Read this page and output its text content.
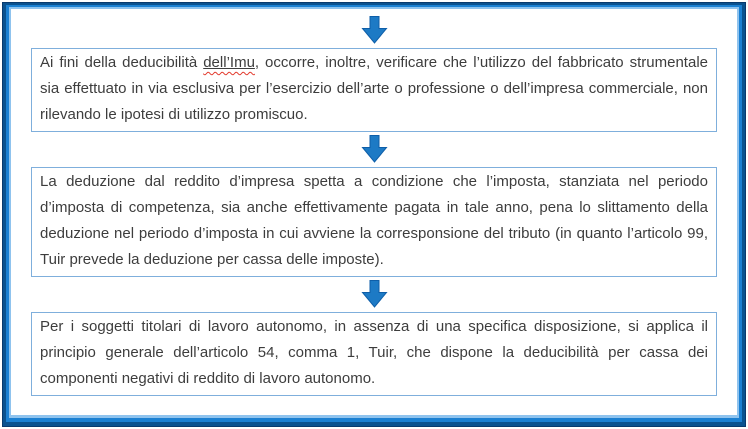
Ai fini della deducibilità dell’Imu, occorre, inoltre, verificare che l’utilizzo del fabbricato strumentale sia effettuato in via esclusiva per l’esercizio dell’arte o professione o dell’impresa commerciale, non rilevando le ipotesi di utilizzo promiscuo.

La deduzione dal reddito d’impresa spetta a condizione che l’imposta, stanziata nel periodo d’imposta di competenza, sia anche effettivamente pagata in tale anno, pena lo slittamento della deduzione nel periodo d’imposta in cui avviene la corresponsione del tributo (in quanto l’articolo 99, Tuir prevede la deduzione per cassa delle imposte).

Per i soggetti titolari di lavoro autonomo, in assenza di una specifica disposizione, si applica il principio generale dell’articolo 54, comma 1, Tuir, che dispone la deducibilità per cassa dei componenti negativi di reddito di lavoro autonomo.
